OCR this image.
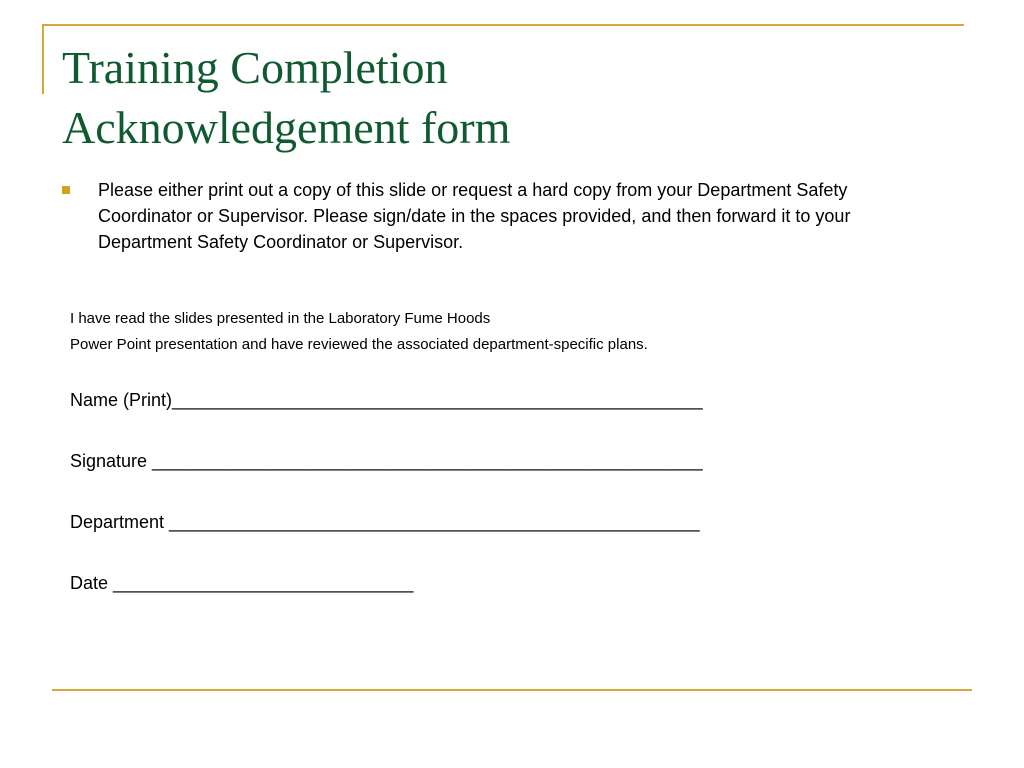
Training Completion
Acknowledgement form
Please either print out a copy of this slide or request a hard copy from your Department Safety Coordinator or Supervisor. Please sign/date in the spaces provided, and then forward it to your Department Safety Coordinator or Supervisor.
I have read the slides presented in the Laboratory Fume Hoods
Power Point presentation and have reviewed the associated department-specific plans.
Name (Print)_____________________________________________________
Signature _______________________________________________________
Department _____________________________________________________
Date ______________________________
